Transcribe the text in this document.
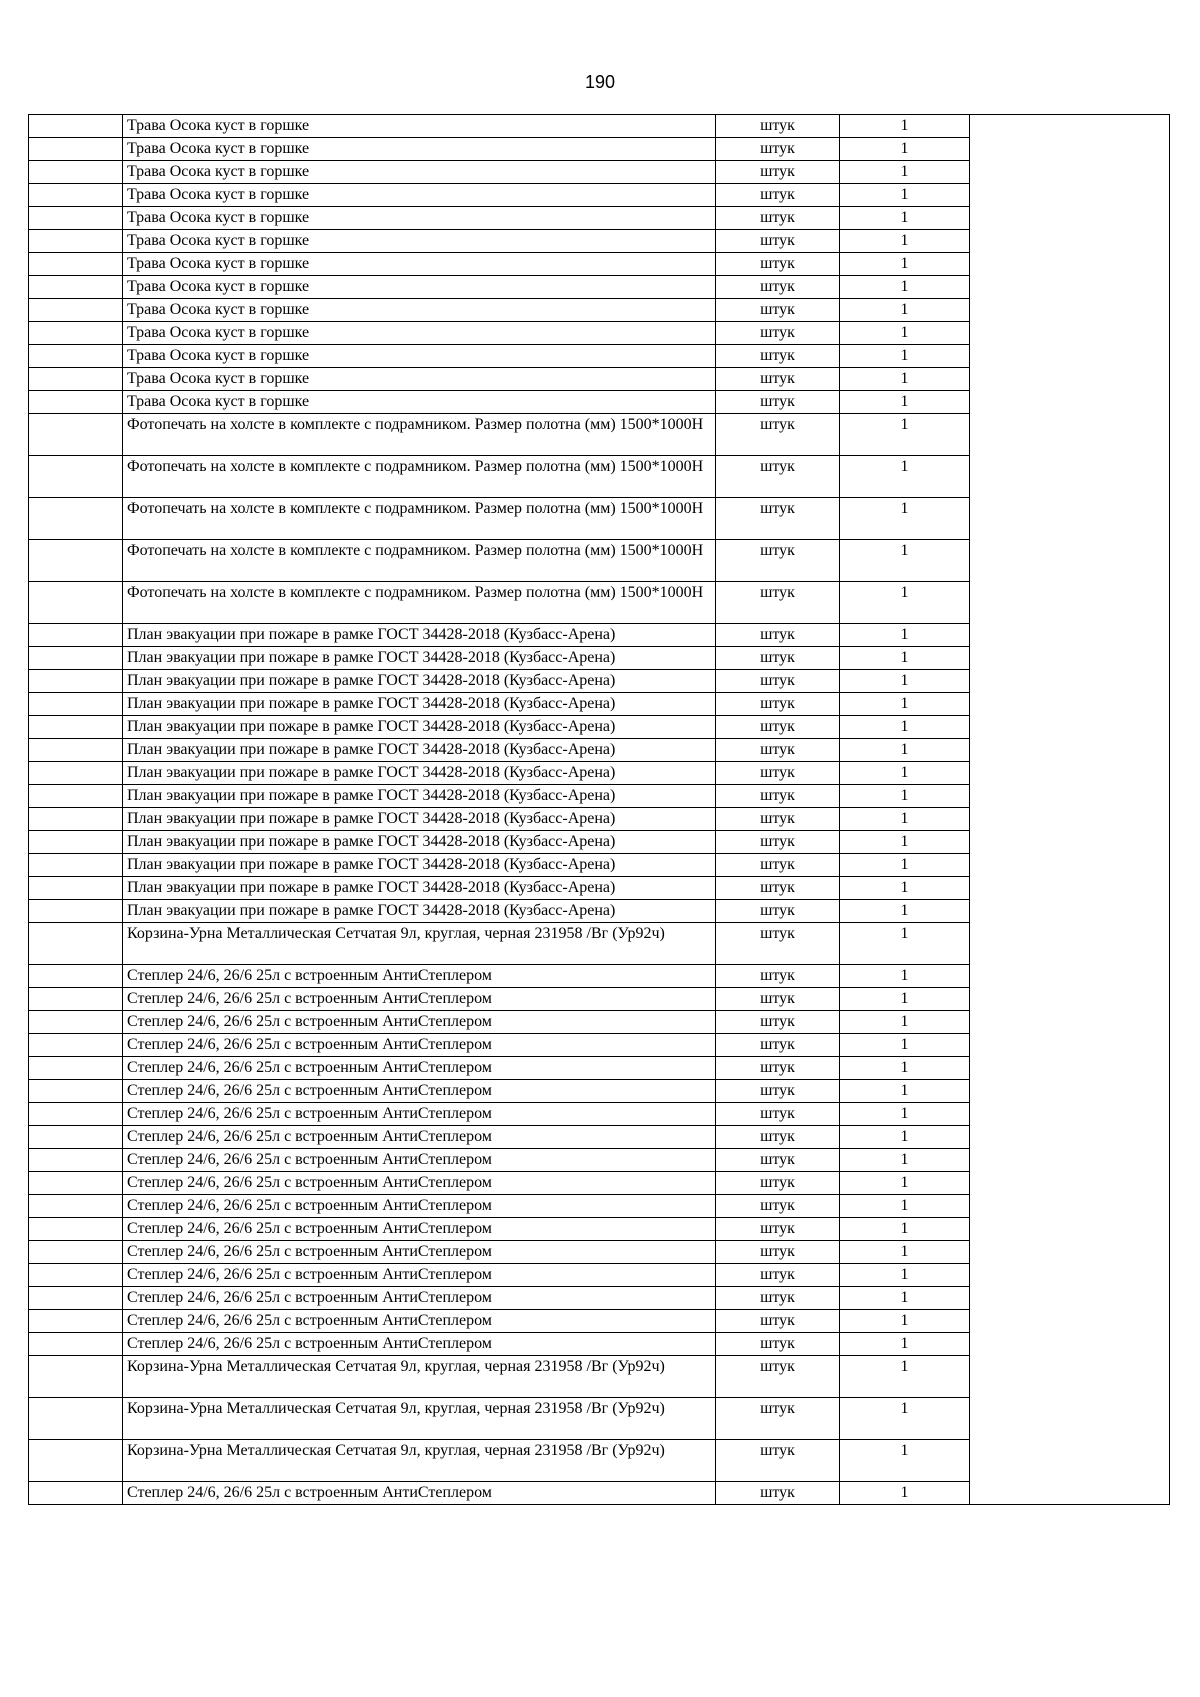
190
	Трава Осока куст в горшке	штук	1	
	Трава Осока куст в горшке	штук	1	
	Трава Осока куст в горшке	штук	1	
	Трава Осока куст в горшке	штук	1	
	Трава Осока куст в горшке	штук	1	
	Трава Осока куст в горшке	штук	1	
	Трава Осока куст в горшке	штук	1	
	Трава Осока куст в горшке	штук	1	
	Трава Осока куст в горшке	штук	1	
	Трава Осока куст в горшке	штук	1	
	Трава Осока куст в горшке	штук	1	
	Трава Осока куст в горшке	штук	1	
	Трава Осока куст в горшке	штук	1	
	Фотопечать на холсте в комплекте с подрамником. Размер полотна (мм) 1500*1000Н	штук	1	
	Фотопечать на холсте в комплекте с подрамником. Размер полотна (мм) 1500*1000Н	штук	1	
	Фотопечать на холсте в комплекте с подрамником. Размер полотна (мм) 1500*1000Н	штук	1	
	Фотопечать на холсте в комплекте с подрамником. Размер полотна (мм) 1500*1000Н	штук	1	
	Фотопечать на холсте в комплекте с подрамником. Размер полотна (мм) 1500*1000Н	штук	1	
	План эвакуации при пожаре в рамке ГОСТ 34428-2018 (Кузбасс-Арена)	штук	1	
	План эвакуации при пожаре в рамке ГОСТ 34428-2018 (Кузбасс-Арена)	штук	1	
	План эвакуации при пожаре в рамке ГОСТ 34428-2018 (Кузбасс-Арена)	штук	1	
	План эвакуации при пожаре в рамке ГОСТ 34428-2018 (Кузбасс-Арена)	штук	1	
	План эвакуации при пожаре в рамке ГОСТ 34428-2018 (Кузбасс-Арена)	штук	1	
	План эвакуации при пожаре в рамке ГОСТ 34428-2018 (Кузбасс-Арена)	штук	1	
	План эвакуации при пожаре в рамке ГОСТ 34428-2018 (Кузбасс-Арена)	штук	1	
	План эвакуации при пожаре в рамке ГОСТ 34428-2018 (Кузбасс-Арена)	штук	1	
	План эвакуации при пожаре в рамке ГОСТ 34428-2018 (Кузбасс-Арена)	штук	1	
	План эвакуации при пожаре в рамке ГОСТ 34428-2018 (Кузбасс-Арена)	штук	1	
	План эвакуации при пожаре в рамке ГОСТ 34428-2018 (Кузбасс-Арена)	штук	1	
	План эвакуации при пожаре в рамке ГОСТ 34428-2018 (Кузбасс-Арена)	штук	1	
	План эвакуации при пожаре в рамке ГОСТ 34428-2018 (Кузбасс-Арена)	штук	1	
	Корзина-Урна Металлическая Сетчатая 9л, круглая, черная 231958 /Вг (Ур92ч)	штук	1	
	Степлер 24/6, 26/6 25л с встроенным АнтиСтеплером	штук	1	
	Степлер 24/6, 26/6 25л с встроенным АнтиСтеплером	штук	1	
	Степлер 24/6, 26/6 25л с встроенным АнтиСтеплером	штук	1	
	Степлер 24/6, 26/6 25л с встроенным АнтиСтеплером	штук	1	
	Степлер 24/6, 26/6 25л с встроенным АнтиСтеплером	штук	1	
	Степлер 24/6, 26/6 25л с встроенным АнтиСтеплером	штук	1	
	Степлер 24/6, 26/6 25л с встроенным АнтиСтеплером	штук	1	
	Степлер 24/6, 26/6 25л с встроенным АнтиСтеплером	штук	1	
	Степлер 24/6, 26/6 25л с встроенным АнтиСтеплером	штук	1	
	Степлер 24/6, 26/6 25л с встроенным АнтиСтеплером	штук	1	
	Степлер 24/6, 26/6 25л с встроенным АнтиСтеплером	штук	1	
	Степлер 24/6, 26/6 25л с встроенным АнтиСтеплером	штук	1	
	Степлер 24/6, 26/6 25л с встроенным АнтиСтеплером	штук	1	
	Степлер 24/6, 26/6 25л с встроенным АнтиСтеплером	штук	1	
	Степлер 24/6, 26/6 25л с встроенным АнтиСтеплером	штук	1	
	Степлер 24/6, 26/6 25л с встроенным АнтиСтеплером	штук	1	
	Степлер 24/6, 26/6 25л с встроенным АнтиСтеплером	штук	1	
	Корзина-Урна Металлическая Сетчатая 9л, круглая, черная 231958 /Вг (Ур92ч)	штук	1	
	Корзина-Урна Металлическая Сетчатая 9л, круглая, черная 231958 /Вг (Ур92ч)	штук	1	
	Корзина-Урна Металлическая Сетчатая 9л, круглая, черная 231958 /Вг (Ур92ч)	штук	1	
	Степлер 24/6, 26/6 25л с встроенным АнтиСтеплером	штук	1	
